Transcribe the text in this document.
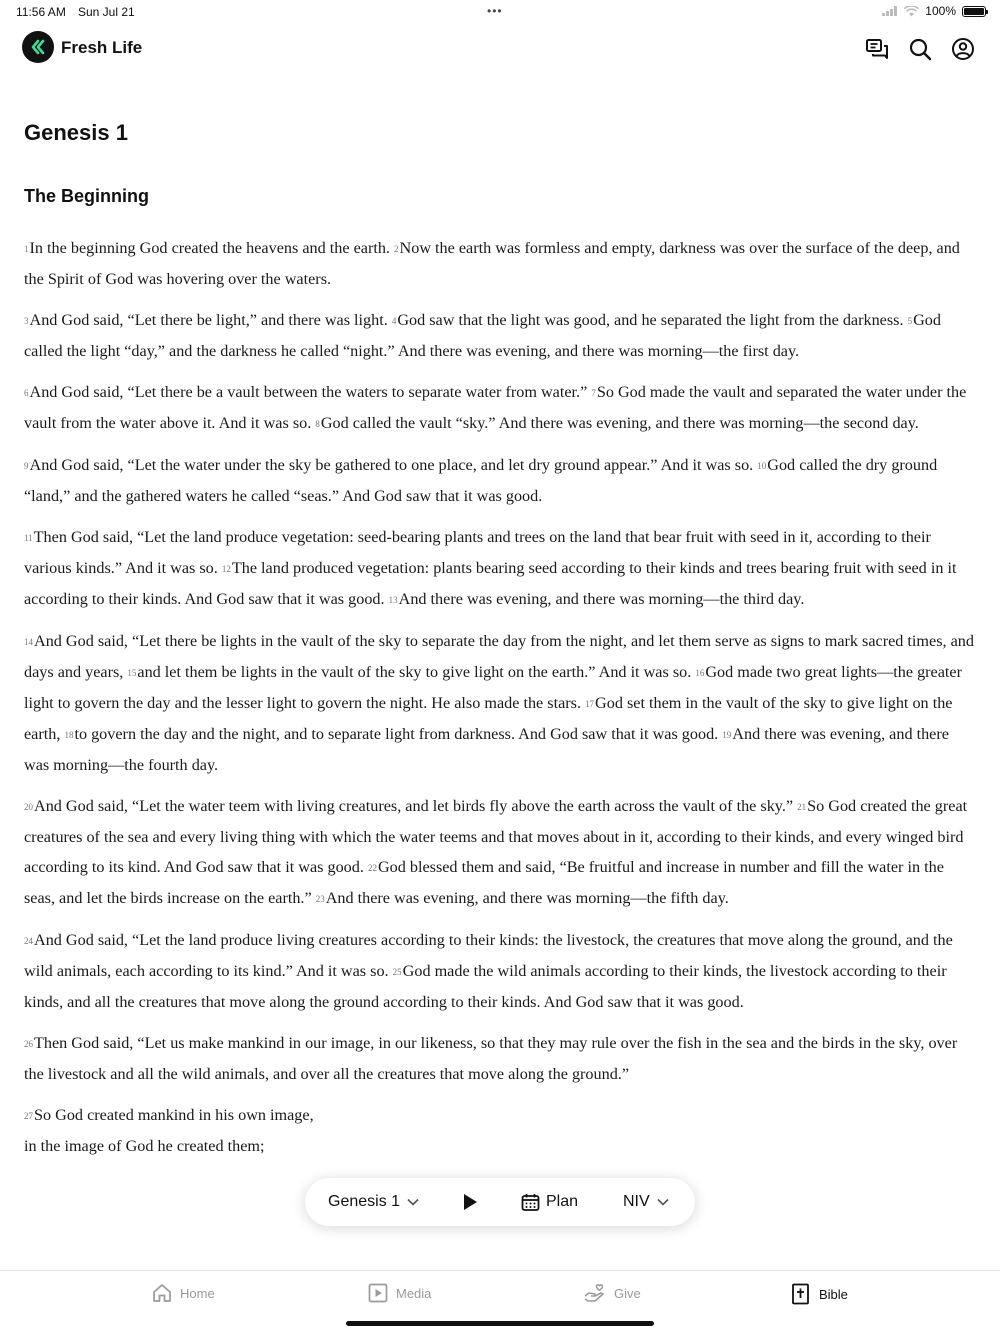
11:56 AM Sun Jul 21	•••	100%
Fresh Life
Genesis 1
The Beginning

1In the beginning God created the heavens and the earth. 2Now the earth was formless and empty, darkness was over the surface of the deep, and the Spirit of God was hovering over the waters.

3And God said, “Let there be light,” and there was light. 4God saw that the light was good, and he separated the light from the darkness. 5God called the light “day,” and the darkness he called “night.” And there was evening, and there was morning—the first day.

6And God said, “Let there be a vault between the waters to separate water from water.” 7So God made the vault and separated the water under the vault from the water above it. And it was so. 8God called the vault “sky.” And there was evening, and there was morning—the second day.

9And God said, “Let the water under the sky be gathered to one place, and let dry ground appear.” And it was so. 10God called the dry ground “land,” and the gathered waters he called “seas.” And God saw that it was good.

11Then God said, “Let the land produce vegetation: seed-bearing plants and trees on the land that bear fruit with seed in it, according to their various kinds.” And it was so. 12The land produced vegetation: plants bearing seed according to their kinds and trees bearing fruit with seed in it according to their kinds. And God saw that it was good. 13And there was evening, and there was morning—the third day.

14And God said, “Let there be lights in the vault of the sky to separate the day from the night, and let them serve as signs to mark sacred times, and days and years, 15and let them be lights in the vault of the sky to give light on the earth.” And it was so. 16God made two great lights—the greater light to govern the day and the lesser light to govern the night. He also made the stars. 17God set them in the vault of the sky to give light on the earth, 18to govern the day and the night, and to separate light from darkness. And God saw that it was good. 19And there was evening, and there was morning—the fourth day.

20And God said, “Let the water teem with living creatures, and let birds fly above the earth across the vault of the sky.” 21So God created the great creatures of the sea and every living thing with which the water teems and that moves about in it, according to their kinds, and every winged bird according to its kind. And God saw that it was good. 22God blessed them and said, “Be fruitful and increase in number and fill the water in the seas, and let the birds increase on the earth.” 23And there was evening, and there was morning—the fifth day.

24And God said, “Let the land produce living creatures according to their kinds: the livestock, the creatures that move along the ground, and the wild animals, each according to its kind.” And it was so. 25God made the wild animals according to their kinds, the livestock according to their kinds, and all the creatures that move along the ground according to their kinds. And God saw that it was good.

26Then God said, “Let us make mankind in our image, in our likeness, so that they may rule over the fish in the sea and the birds in the sky, over the livestock and all the wild animals, and over all the creatures that move along the ground.”

27So God created mankind in his own image,
in the image of God he created them;

Genesis 1	Plan	NIV
Home	Media	Give	Bible
